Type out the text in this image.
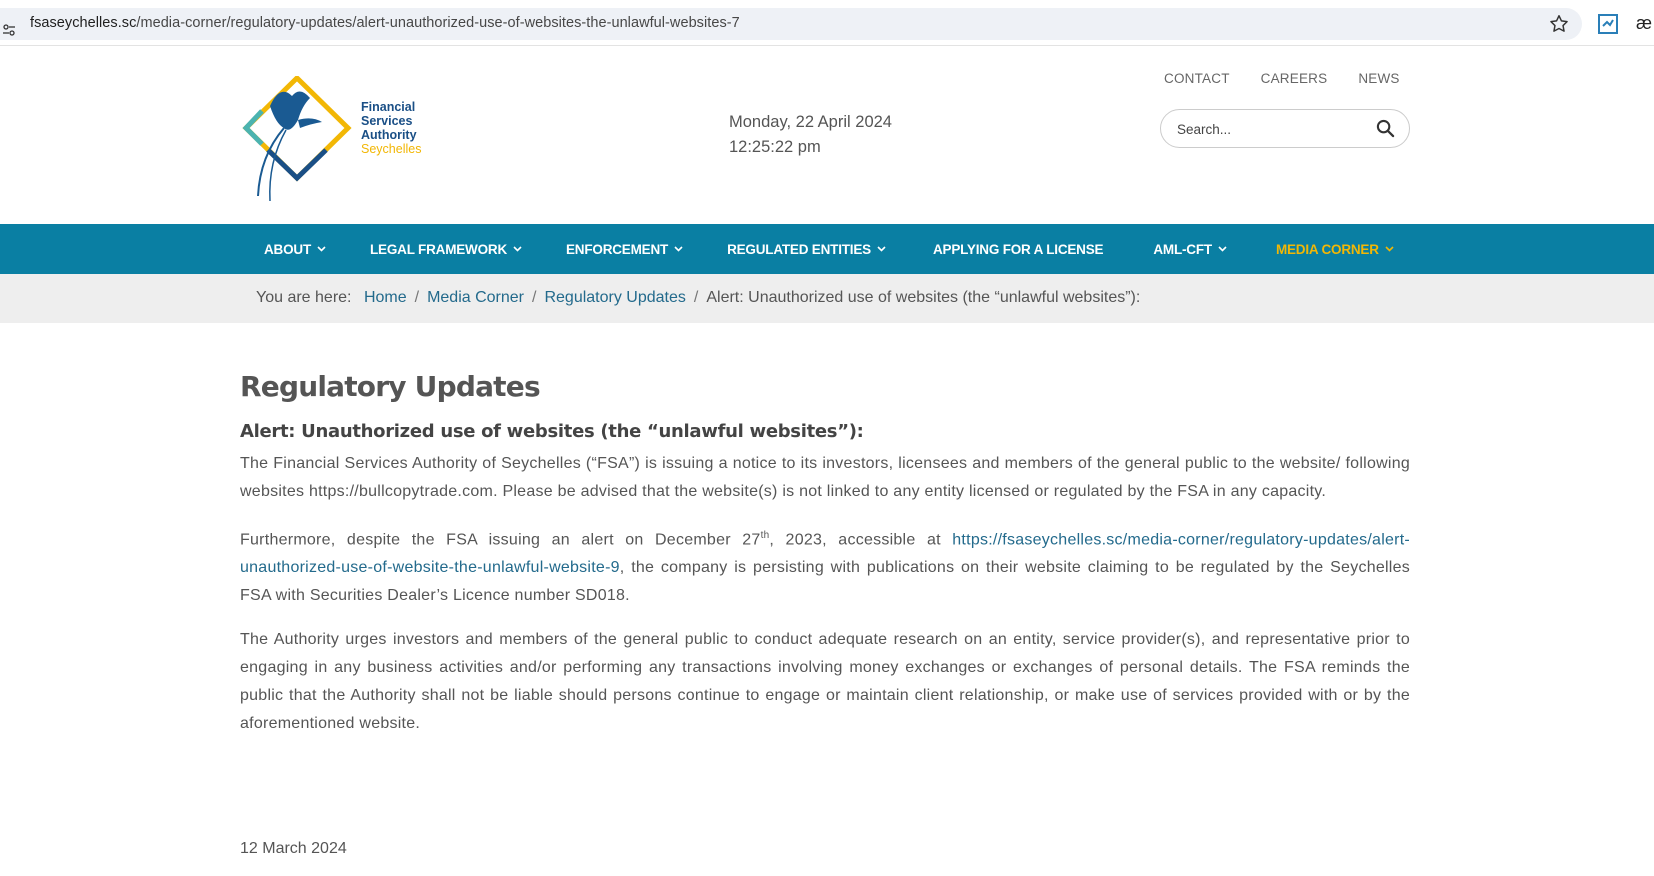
fsaseychelles.sc/media-corner/regulatory-updates/alert-unauthorized-use-of-websites-the-unlawful-websites-7	æ
Financial
Services
Authority
Seychelles
Monday, 22 April 2024
12:25:22 pm
CONTACT CAREERS NEWS
Search...
ABOUT	LEGAL FRAMEWORK	ENFORCEMENT	REGULATED ENTITIES	APPLYING FOR A LICENSE	AML-CFT	MEDIA CORNER
You are here: Home / Media Corner / Regulatory Updates / Alert: Unauthorized use of websites (the “unlawful websites”):
Regulatory Updates
Alert: Unauthorized use of websites (the “unlawful websites”):

The Financial Services Authority of Seychelles (“FSA”) is issuing a notice to its investors, licensees and members of the general public to the website/ following websites https://bullcopytrade.com. Please be advised that the website(s) is not linked to any entity licensed or regulated by the FSA in any capacity.

Furthermore, despite the FSA issuing an alert on December 27th, 2023, accessible at https://fsaseychelles.sc/media-corner/regulatory-updates/alert-unauthorized-use-of-website-the-unlawful-website-9, the company is persisting with publications on their website claiming to be regulated by the Seychelles FSA with Securities Dealer’s Licence number SD018.

The Authority urges investors and members of the general public to conduct adequate research on an entity, service provider(s), and representative prior to engaging in any business activities and/or performing any transactions involving money exchanges or exchanges of personal details. The FSA reminds the public that the Authority shall not be liable should persons continue to engage or maintain client relationship, or make use of services provided with or by the aforementioned website.

12 March 2024
